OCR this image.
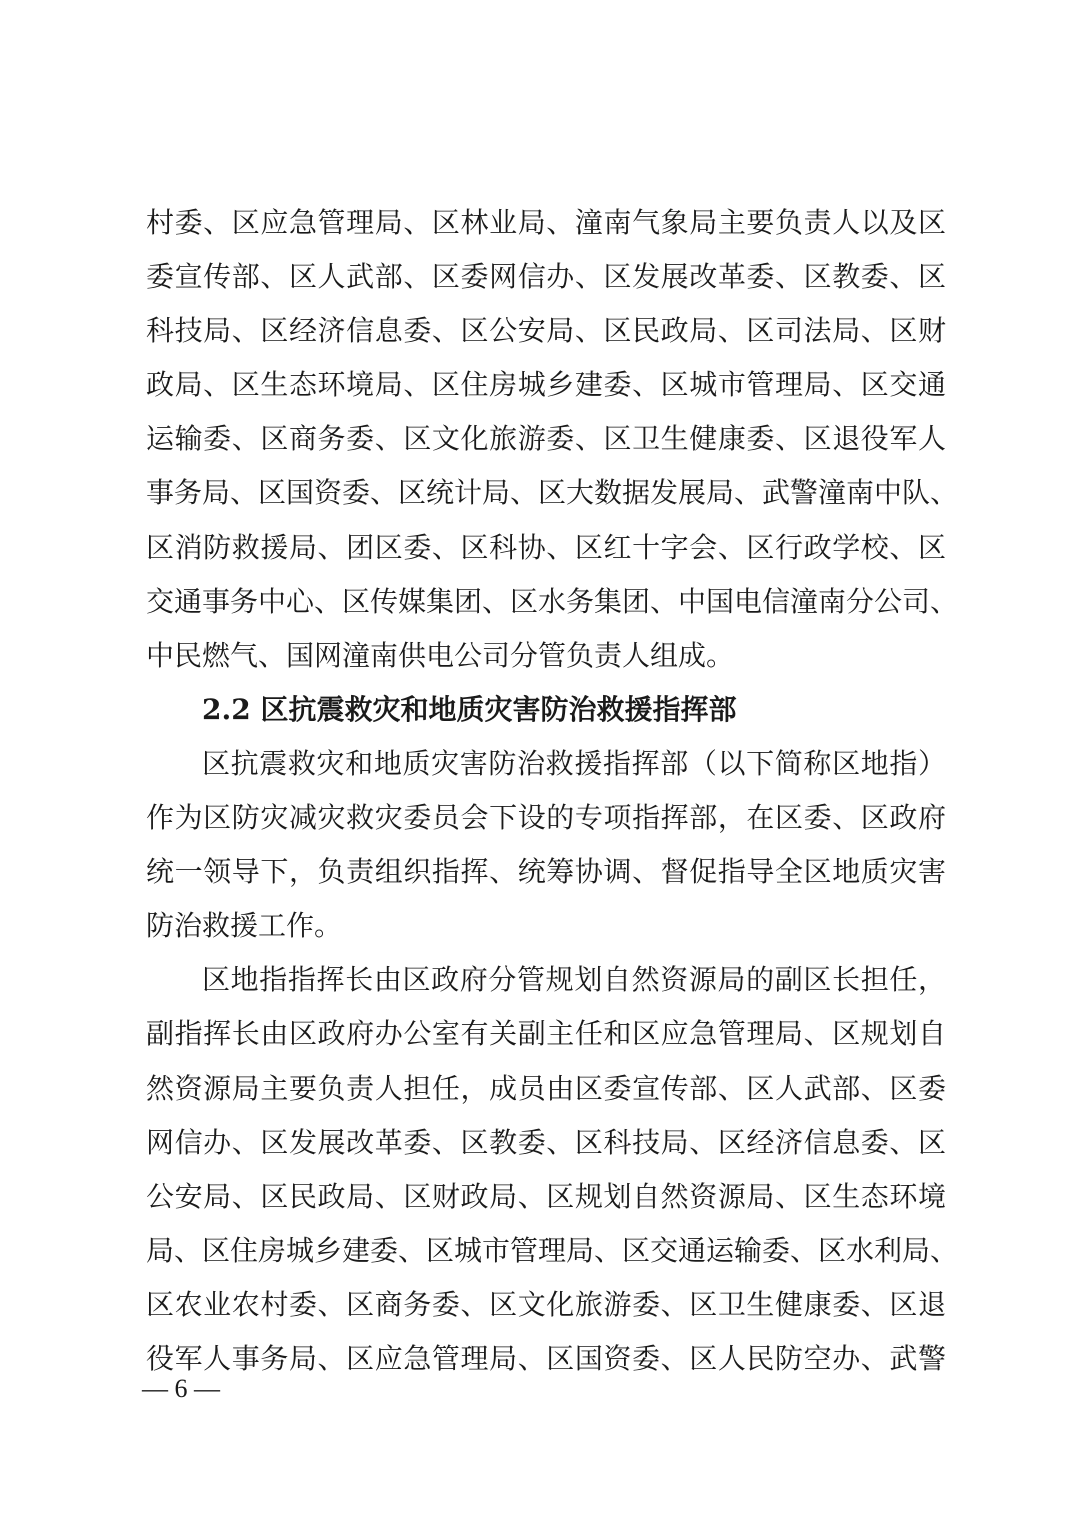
村委、区应急管理局、区林业局、潼南气象局主要负责人以及区
委宣传部、区人武部、区委网信办、区发展改革委、区教委、区
科技局、区经济信息委、区公安局、区民政局、区司法局、区财
政局、区生态环境局、区住房城乡建委、区城市管理局、区交通
运输委、区商务委、区文化旅游委、区卫生健康委、区退役军人
事务局、区国资委、区统计局、区大数据发展局、武警潼南中队、
区消防救援局、团区委、区科协、区红十字会、区行政学校、区
交通事务中心、区传媒集团、区水务集团、中国电信潼南分公司、
中民燃气、国网潼南供电公司分管负责人组成。
2.2 区抗震救灾和地质灾害防治救援指挥部
区抗震救灾和地质灾害防治救援指挥部（以下简称区地指）
作为区防灾减灾救灾委员会下设的专项指挥部，在区委、区政府
统一领导下，负责组织指挥、统筹协调、督促指导全区地质灾害
防治救援工作。
区地指指挥长由区政府分管规划自然资源局的副区长担任，
副指挥长由区政府办公室有关副主任和区应急管理局、区规划自
然资源局主要负责人担任，成员由区委宣传部、区人武部、区委
网信办、区发展改革委、区教委、区科技局、区经济信息委、区
公安局、区民政局、区财政局、区规划自然资源局、区生态环境
局、区住房城乡建委、区城市管理局、区交通运输委、区水利局、
区农业农村委、区商务委、区文化旅游委、区卫生健康委、区退
役军人事务局、区应急管理局、区国资委、区人民防空办、武警
— 6 —
